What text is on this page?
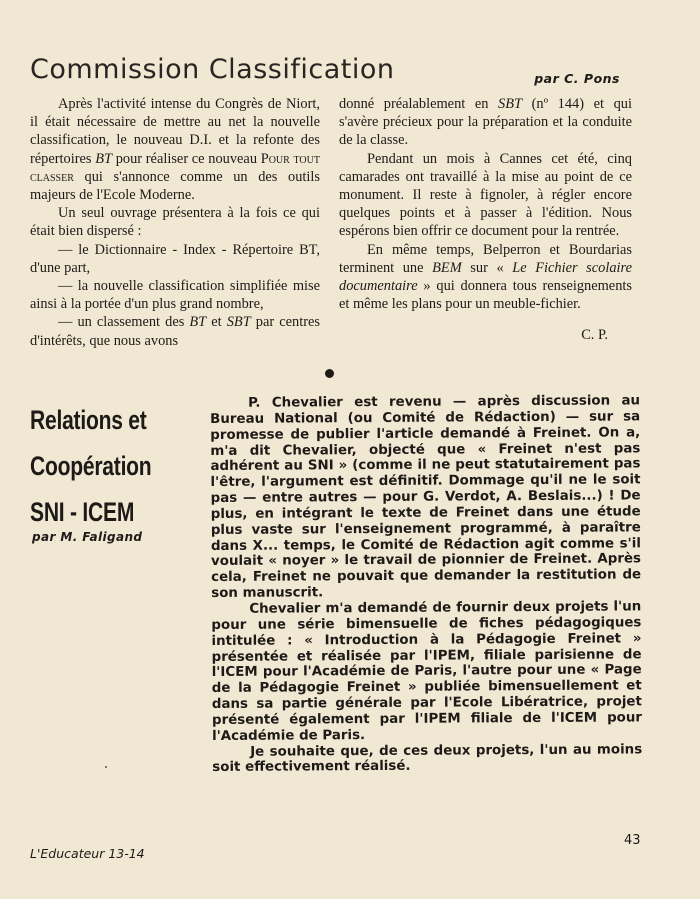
Commission Classification	par C. Pons

Après l'activité intense du Congrès de Niort, il était nécessaire de mettre au net la nouvelle classification, le nouveau D.I. et la refonte des répertoires BT pour réaliser ce nouveau Pour tout classer qui s'annonce comme un des outils majeurs de l'Ecole Moderne.

Un seul ouvrage présentera à la fois ce qui était bien dispersé :

— le Dictionnaire - Index - Répertoire BT, d'une part,

— la nouvelle classification simplifiée mise ainsi à la portée d'un plus grand nombre,

— un classement des BT et SBT par centres d'intérêts, que nous avons

donné préalablement en SBT (nº 144) et qui s'avère précieux pour la préparation et la conduite de la classe.

Pendant un mois à Cannes cet été, cinq camarades ont travaillé à la mise au point de ce monument. Il reste à fignoler, à régler encore quelques points et à passer à l'édition. Nous espérons bien offrir ce document pour la rentrée.

En même temps, Belperron et Bourdarias terminent une BEM sur « Le Fichier scolaire documentaire » qui donnera tous renseignements et même les plans pour un meuble-fichier.

C. P.

Relations et
Coopération
SNI - ICEM
par M. Faligand

P. Chevalier est revenu — après discussion au Bureau National (ou Comité de Rédaction) — sur sa promesse de publier l'article demandé à Freinet. On a, m'a dit Chevalier, objecté que « Freinet n'est pas adhérent au SNI » (comme il ne peut statutairement pas l'être, l'argument est définitif. Dommage qu'il ne le soit pas — entre autres — pour G. Verdot, A. Beslais...) ! De plus, en intégrant le texte de Freinet dans une étude plus vaste sur l'enseignement programmé, à paraître dans X... temps, le Comité de Rédaction agit comme s'il voulait « noyer » le travail de pionnier de Freinet. Après cela, Freinet ne pouvait que demander la restitution de son manuscrit.

Chevalier m'a demandé de fournir deux projets l'un pour une série bimensuelle de fiches pédagogiques intitulée : « Introduction à la Pédagogie Freinet » présentée et réalisée par l'IPEM, filiale parisienne de l'ICEM pour l'Académie de Paris, l'autre pour une « Page de la Pédagogie Freinet » publiée bimensuellement et dans sa partie générale par l'Ecole Libératrice, projet présenté également par l'IPEM filiale de l'ICEM pour l'Académie de Paris.

Je souhaite que, de ces deux projets, l'un au moins soit effectivement réalisé.

L'Educateur 13-14
43
